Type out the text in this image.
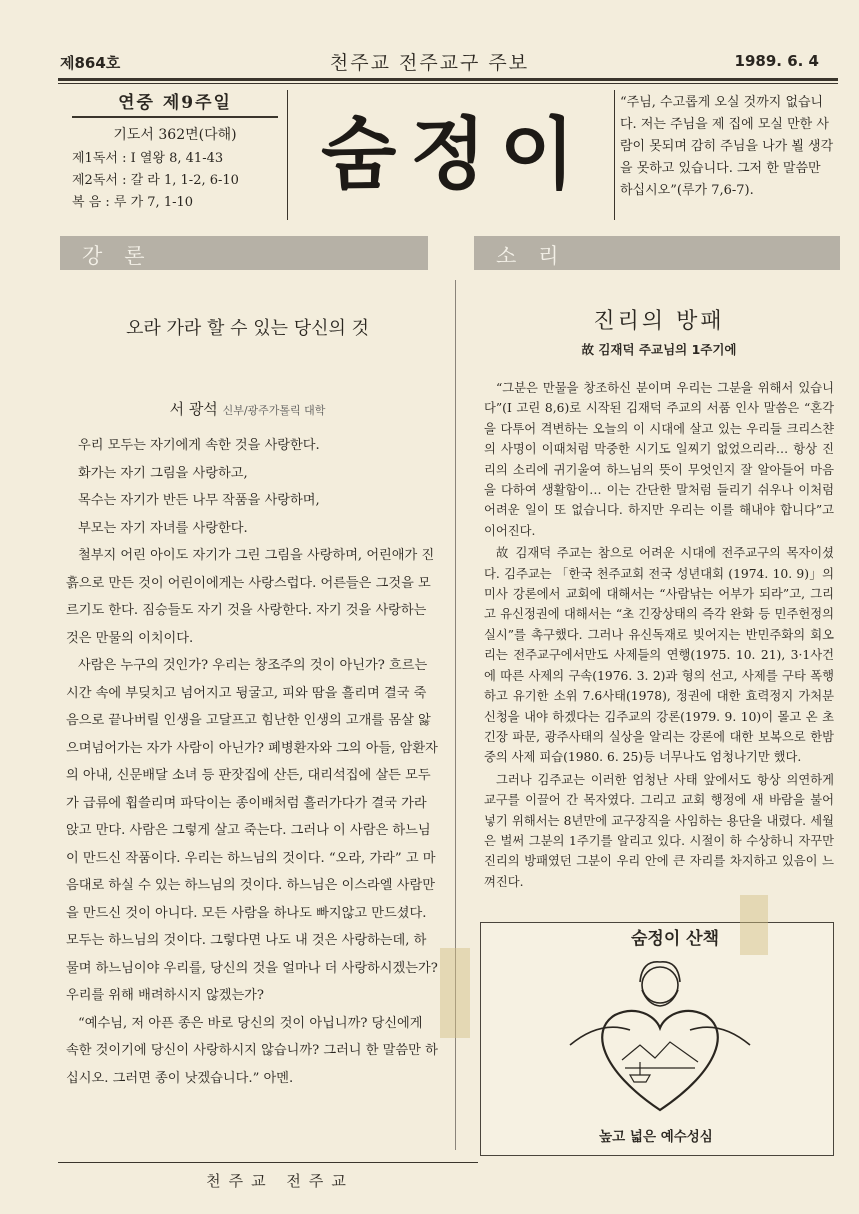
제864호	천주교 전주교구 주보	1989. 6. 4
연중 제9주일
기도서 362면(다해)
제1독서 : I 열왕 8, 41-43
제2독서 : 갈 라 1, 1-2, 6-10
복 음 : 루 가 7, 1-10
숨정이
“주님, 수고롭게 오실 것까지 없습니다. 저는 주님을 제 집에 모실 만한 사람이 못되며 감히 주님을 나가 뵐 생각을 못하고 있습니다. 그저 한 말씀만 하십시오”(루가 7,6-7).
강론	소리
오라 가라 할 수 있는 당신의 것
서 광석 신부/광주가톨릭 대학

우리 모두는 자기에게 속한 것을 사랑한다.

화가는 자기 그림을 사랑하고,

목수는 자기가 반든 나무 작품을 사랑하며,

부모는 자기 자녀를 사랑한다.

철부지 어린 아이도 자기가 그린 그림을 사랑하며, 어린애가 진흙으로 만든 것이 어린이에게는 사랑스럽다. 어른들은 그것을 모르기도 한다. 짐승들도 자기 것을 사랑한다. 자기 것을 사랑하는 것은 만물의 이치이다.

사람은 누구의 것인가? 우리는 창조주의 것이 아닌가? 흐르는 시간 속에 부딪치고 넘어지고 뒹굴고, 피와 땀을 흘리며 결국 죽음으로 끝나버릴 인생을 고달프고 힘난한 인생의 고개를 몸살 앓으며넘어가는 자가 사람이 아닌가? 폐병환자와 그의 아들, 암환자의 아내, 신문배달 소녀 등 판잣집에 산든, 대리석집에 살든 모두가 급류에 휩쓸리며 파닥이는 종이배처럼 흘러가다가 결국 가라앉고 만다. 사람은 그렇게 살고 죽는다. 그러나 이 사람은 하느님이 만드신 작품이다. 우리는 하느님의 것이다. “오라, 가라” 고 마음대로 하실 수 있는 하느님의 것이다. 하느님은 이스라엘 사람만을 만드신 것이 아니다. 모든 사람을 하나도 빠지않고 만드셨다. 모두는 하느님의 것이다. 그렇다면 나도 내 것은 사랑하는데, 하물며 하느님이야 우리를, 당신의 것을 얼마나 더 사랑하시겠는가? 우리를 위해 배려하시지 않겠는가?

“예수님, 저 아픈 종은 바로 당신의 것이 아닙니까? 당신에게 속한 것이기에 당신이 사랑하시지 않습니까? 그러니 한 말씀만 하십시오. 그러면 종이 낫겠습니다.” 아멘.

진리의 방패
故 김재덕 주교님의 1주기에

“그분은 만물을 창조하신 분이며 우리는 그분을 위해서 있습니다”(I 고린 8,6)로 시작된 김재덕 주교의 서품 인사 말씀은 “혼각을 다투어 격변하는 오늘의 이 시대에 살고 있는 우리들 크리스챤의 사명이 이때처럼 막중한 시기도 일찌기 없었으리라… 항상 진리의 소리에 귀기울여 하느님의 뜻이 무엇인지 잘 알아들어 마음을 다하여 생활함이… 이는 간단한 말처럼 들리기 쉬우나 이처럼 어려운 일이 또 없습니다. 하지만 우리는 이를 해내야 합니다”고 이어진다.

故 김재덕 주교는 참으로 어려운 시대에 전주교구의 목자이셨다. 김주교는 「한국 천주교회 전국 성년대회 (1974. 10. 9)」의 미사 강론에서 교회에 대해서는 “사람낚는 어부가 되라”고, 그리고 유신정권에 대해서는 “초 긴장상태의 즉각 완화 등 민주헌정의 실시”를 촉구했다. 그러나 유신독재로 빚어지는 반민주화의 회오리는 전주교구에서만도 사제들의 연행(1975. 10. 21), 3·1사건에 따른 사제의 구속(1976. 3. 2)과 형의 선고, 사제를 구타 폭행하고 유기한 소위 7.6사태(1978), 정권에 대한 효력정지 가처분 신청을 내야 하겠다는 김주교의 강론(1979. 9. 10)이 몰고 온 초긴장 파문, 광주사태의 실상을 알리는 강론에 대한 보복으로 한밤중의 사제 피습(1980. 6. 25)등 너무나도 엄청나기만 했다.

그러나 김주교는 이러한 엄청난 사태 앞에서도 항상 의연하게 교구를 이끌어 간 목자였다. 그리고 교회 행정에 새 바람을 불어 넣기 위해서는 8년만에 교구장직을 사임하는 용단을 내렸다. 세월은 벌써 그분의 1주기를 알리고 있다. 시절이 하 수상하니 자꾸만 진리의 방패였던 그분이 우리 안에 큰 자리를 차지하고 있음이 느껴진다.

숨정이 산책
높고 넓은 예수성심
천주교 전주교
